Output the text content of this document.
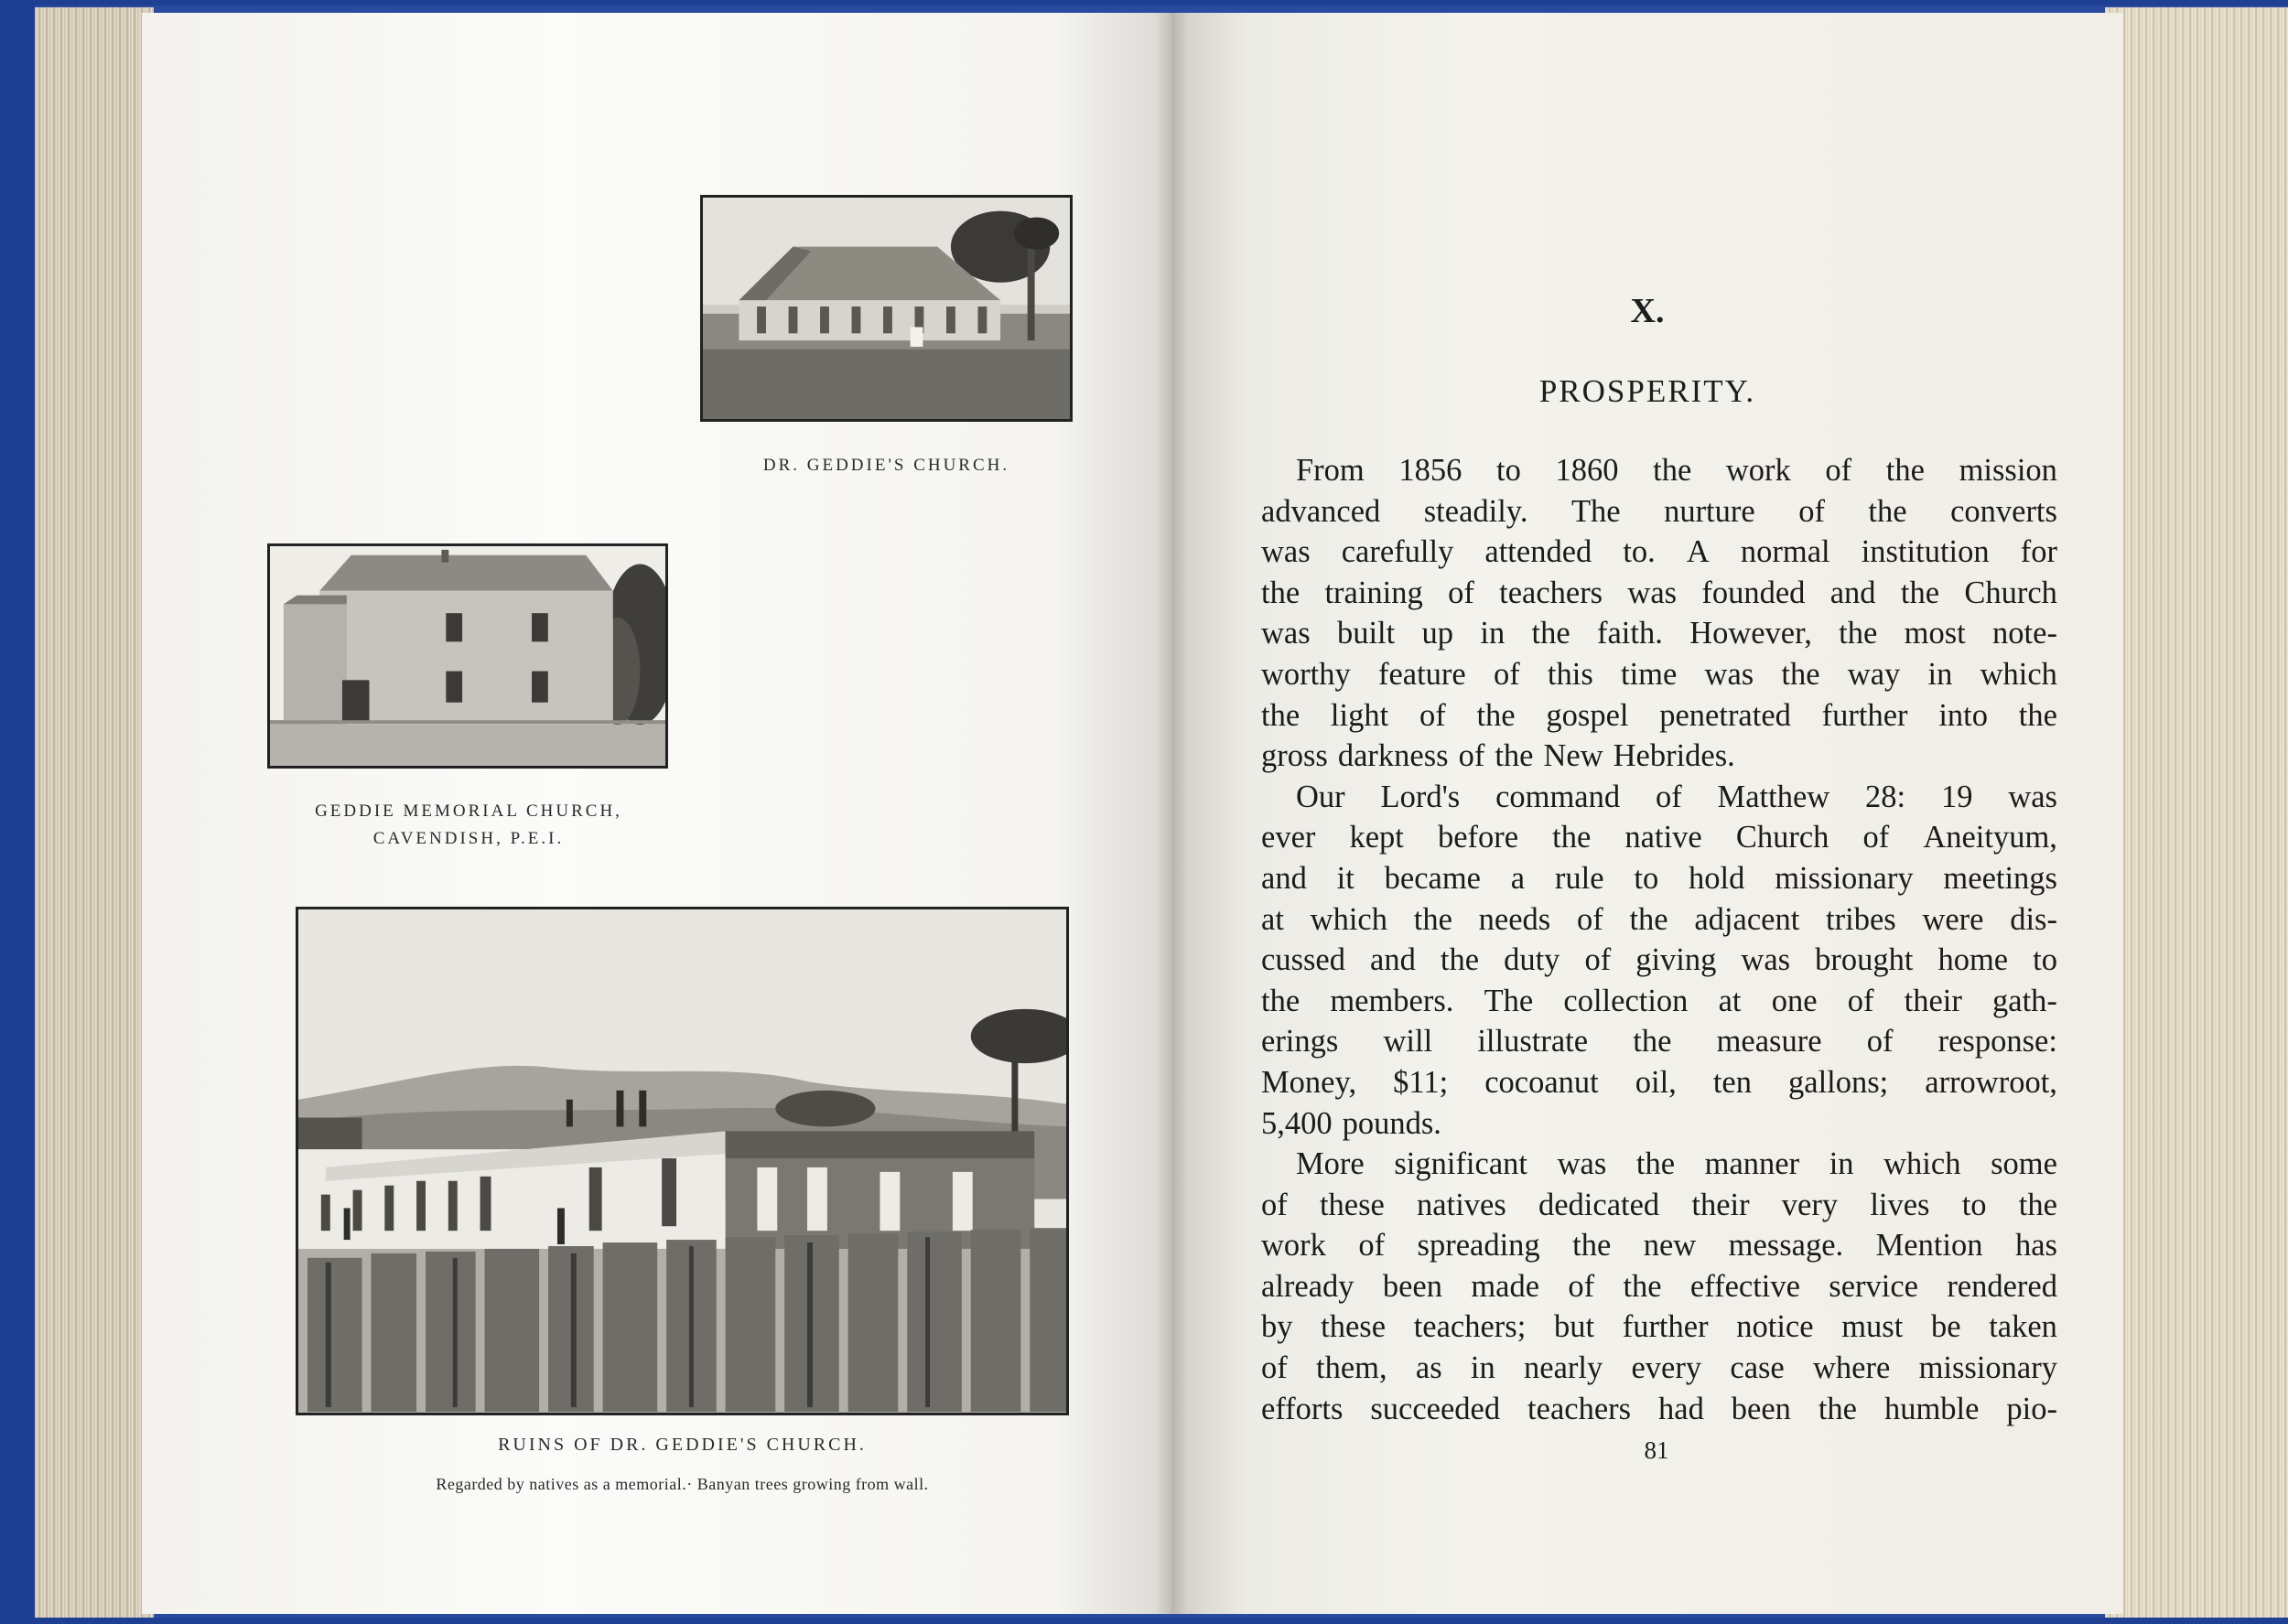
DR. GEDDIE'S CHURCH.
GEDDIE MEMORIAL CHURCH,
CAVENDISH, P.E.I.
RUINS OF DR. GEDDIE'S CHURCH.
Regarded by natives as a memorial.· Banyan trees growing from wall.
X.
PROSPERITY.
From 1856 to 1860 the work of the mission
advanced steadily. The nurture of the converts
was carefully attended to. A normal institution for
the training of teachers was founded and the Church
was built up in the faith. However, the most note-
worthy feature of this time was the way in which
the light of the gospel penetrated further into the
gross darkness of the New Hebrides.
Our Lord's command of Matthew 28: 19 was
ever kept before the native Church of Aneityum,
and it became a rule to hold missionary meetings
at which the needs of the adjacent tribes were dis-
cussed and the duty of giving was brought home to
the members. The collection at one of their gath-
erings will illustrate the measure of response:
Money, $11; cocoanut oil, ten gallons; arrowroot,
5,400 pounds.
More significant was the manner in which some
of these natives dedicated their very lives to the
work of spreading the new message. Mention has
already been made of the effective service rendered
by these teachers; but further notice must be taken
of them, as in nearly every case where missionary
efforts succeeded teachers had been the humble pio-
81
